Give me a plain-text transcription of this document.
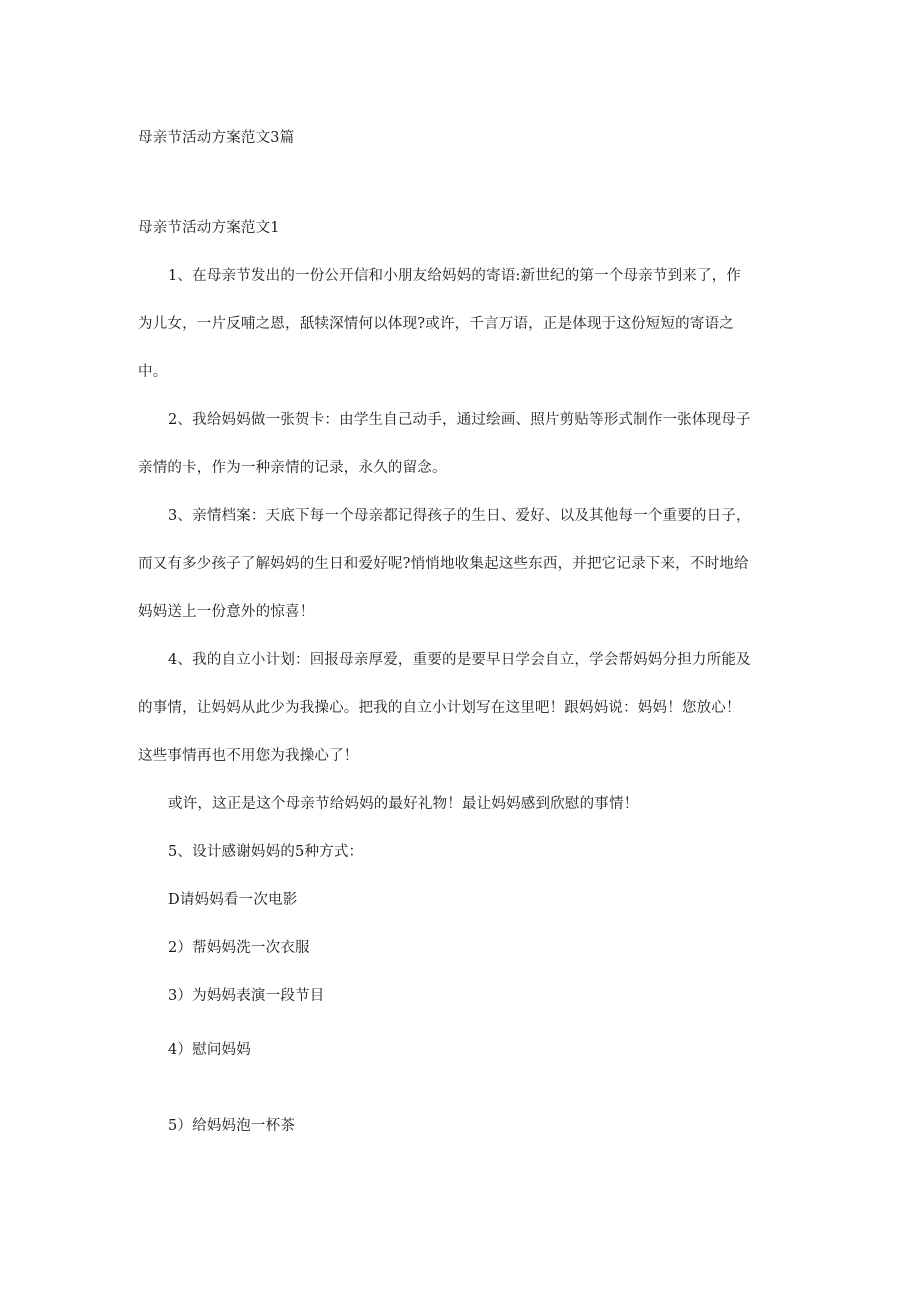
母亲节活动方案范文3篇
母亲节活动方案范文1
1、在母亲节发出的一份公开信和小朋友给妈妈的寄语:新世纪的第一个母亲节到来了，作
为儿女，一片反哺之恩，舐犊深情何以体现?或许，千言万语，正是体现于这份短短的寄语之
中。
2、我给妈妈做一张贺卡：由学生自己动手，通过绘画、照片剪贴等形式制作一张体现母子
亲情的卡，作为一种亲情的记录，永久的留念。
3、亲情档案：天底下每一个母亲都记得孩子的生日、爱好、以及其他每一个重要的日子，
而又有多少孩子了解妈妈的生日和爱好呢?悄悄地收集起这些东西，并把它记录下来，不时地给
妈妈送上一份意外的惊喜！
4、我的自立小计划：回报母亲厚爱，重要的是要早日学会自立，学会帮妈妈分担力所能及
的事情，让妈妈从此少为我操心。把我的自立小计划写在这里吧！跟妈妈说：妈妈！您放心！
这些事情再也不用您为我操心了！
或许，这正是这个母亲节给妈妈的最好礼物！最让妈妈感到欣慰的事情！
5、设计感谢妈妈的5种方式：
D请妈妈看一次电影
2）帮妈妈洗一次衣服
3）为妈妈表演一段节目
4）慰问妈妈
5）给妈妈泡一杯茶
